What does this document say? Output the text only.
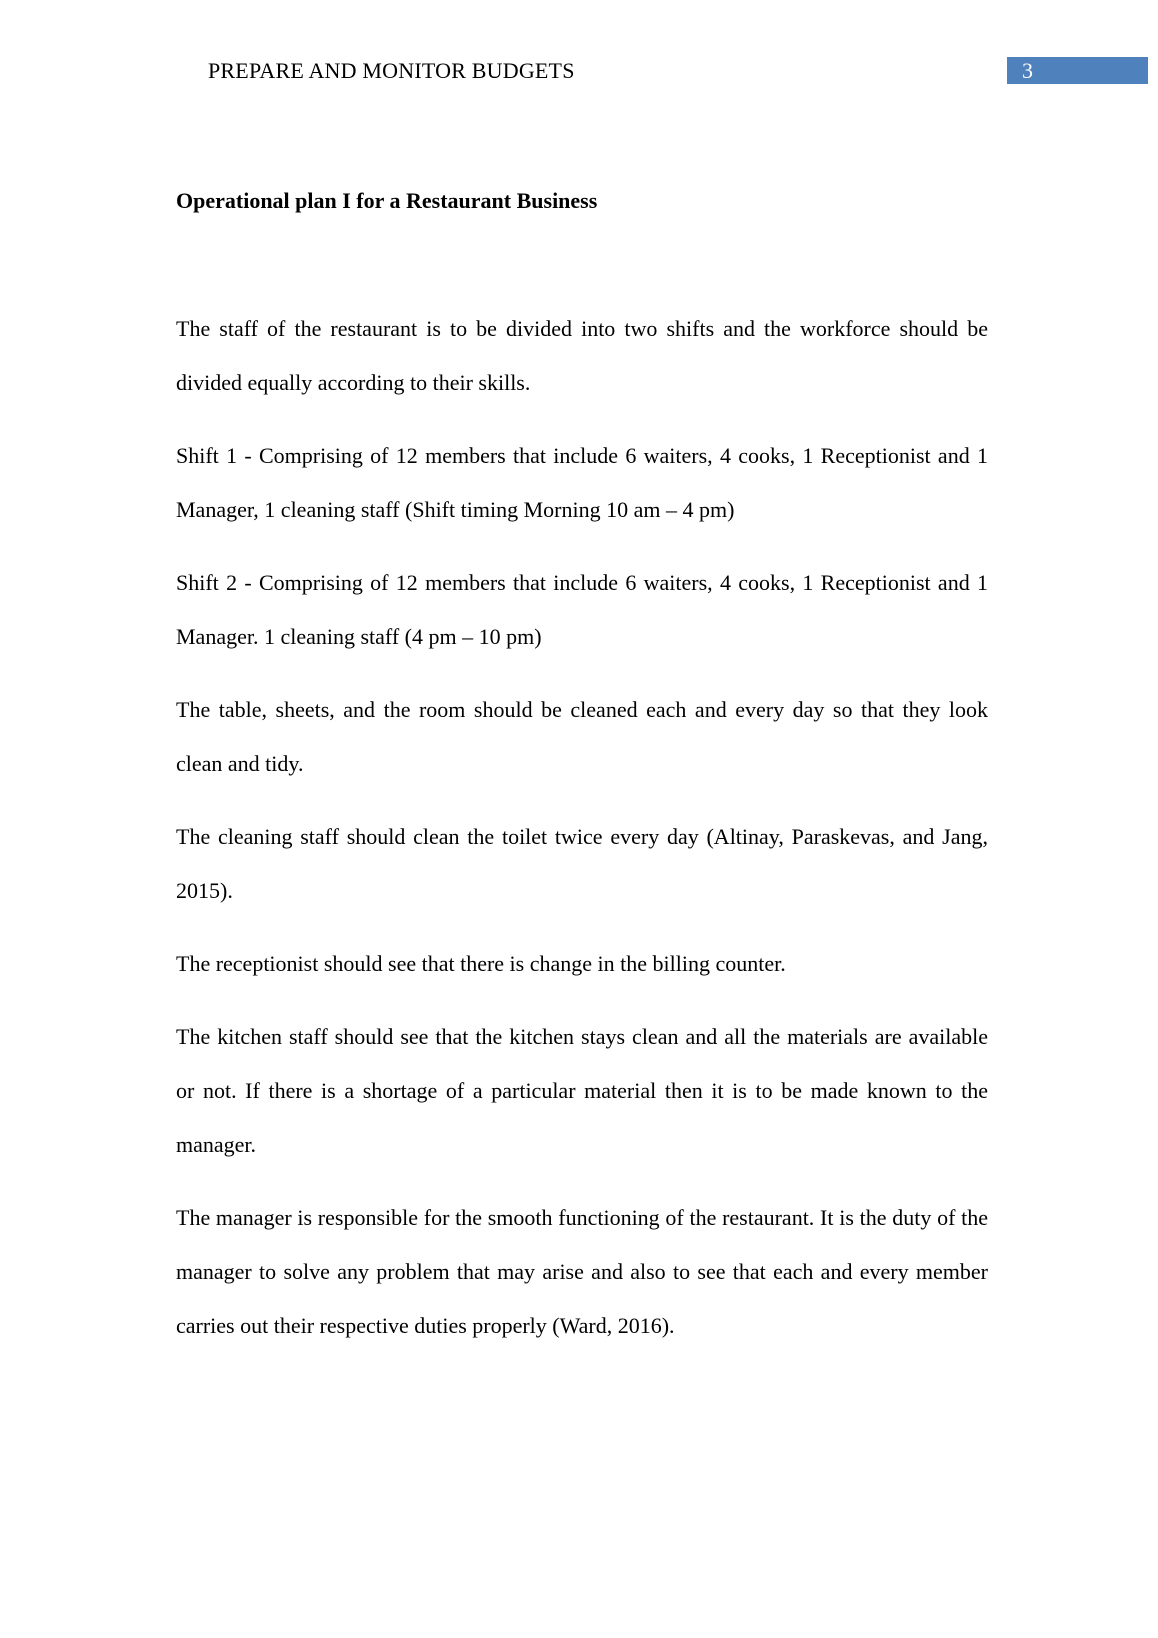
PREPARE AND MONITOR BUDGETS	3
Operational plan I for a Restaurant Business

The staff of the restaurant is to be divided into two shifts and the workforce should be divided equally according to their skills.

Shift 1 - Comprising of 12 members that include 6 waiters, 4 cooks, 1 Receptionist and 1 Manager, 1 cleaning staff (Shift timing Morning 10 am – 4 pm)

Shift 2 - Comprising of 12 members that include 6 waiters, 4 cooks, 1 Receptionist and 1 Manager. 1 cleaning staff (4 pm – 10 pm)

The table, sheets, and the room should be cleaned each and every day so that they look clean and tidy.

The cleaning staff should clean the toilet twice every day (Altinay, Paraskevas, and Jang, 2015).

The receptionist should see that there is change in the billing counter.

The kitchen staff should see that the kitchen stays clean and all the materials are available or not. If there is a shortage of a particular material then it is to be made known to the manager.

The manager is responsible for the smooth functioning of the restaurant. It is the duty of the manager to solve any problem that may arise and also to see that each and every member carries out their respective duties properly (Ward, 2016).
